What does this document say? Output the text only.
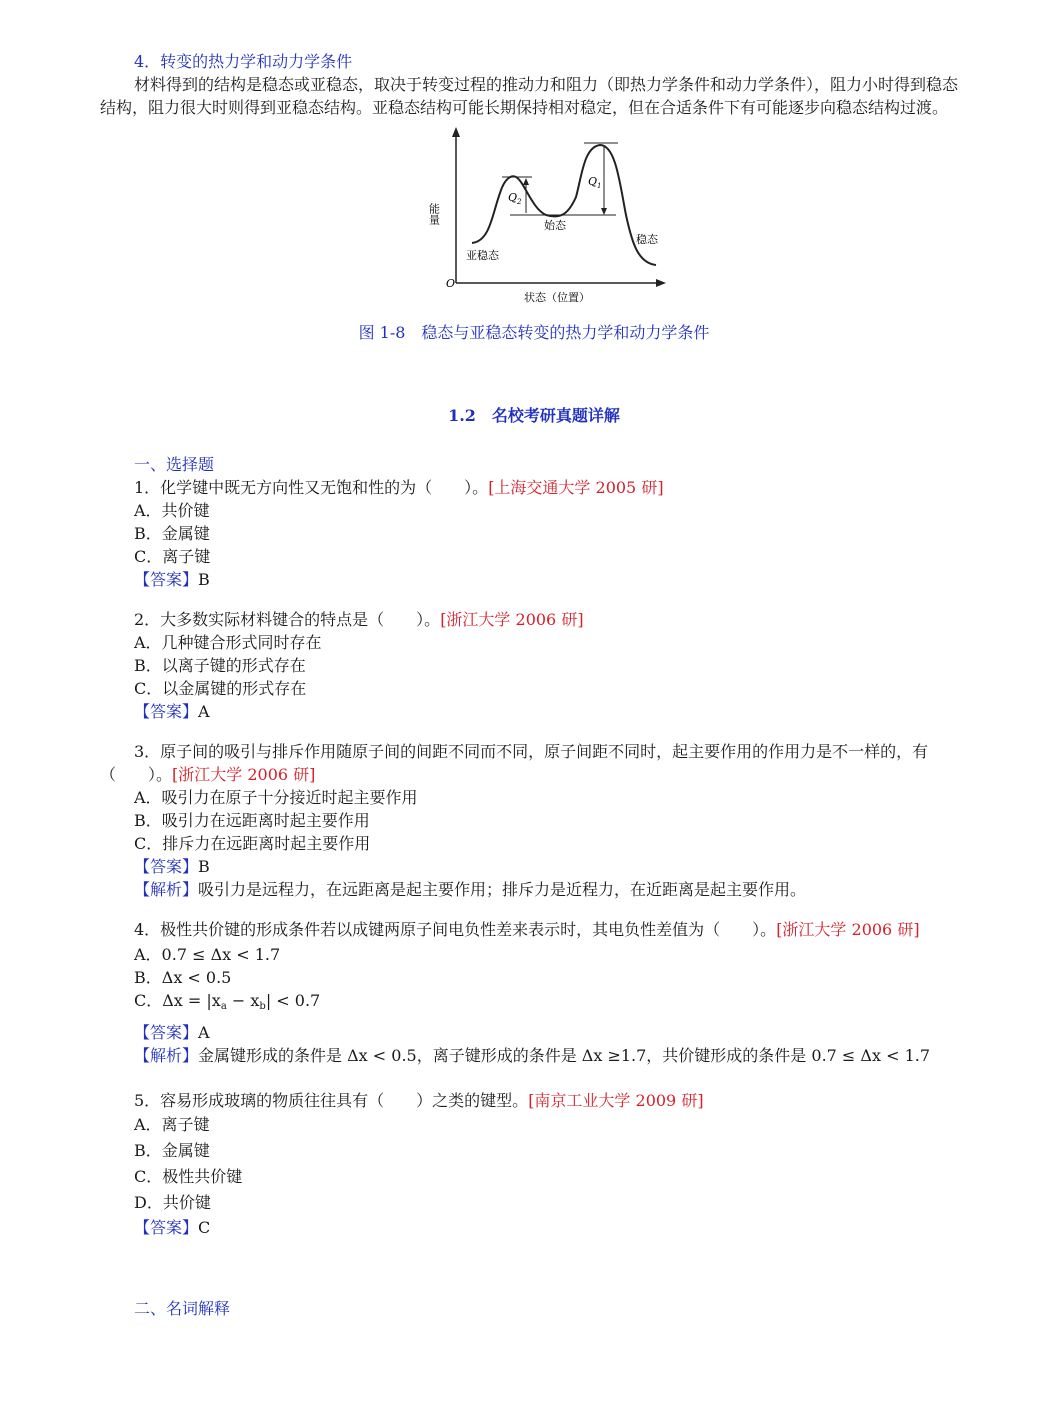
4．转变的热力学和动力学条件

材料得到的结构是稳态或亚稳态，取决于转变过程的推动力和阻力（即热力学条件和动力学条件），阻力小时得到稳态结构，阻力很大时则得到亚稳态结构。亚稳态结构可能长期保持相对稳定，但在合适条件下有可能逐步向稳态结构过渡。

$Q_2$
$Q_1$
始态
亚稳态
稳态
能量
O
状态（位置）

图 1-8　稳态与亚稳态转变的热力学和动力学条件

1.2　名校考研真题详解

一、选择题

1．化学键中既无方向性又无饱和性的为（　　）。[上海交通大学 2005 研]

A．共价键

B．金属键

C．离子键

【答案】B

2．大多数实际材料键合的特点是（　　）。[浙江大学 2006 研]

A．几种键合形式同时存在

B．以离子键的形式存在

C．以金属键的形式存在

【答案】A

3．原子间的吸引与排斥作用随原子间的间距不同而不同，原子间距不同时，起主要作用的作用力是不一样的，有（　　）。[浙江大学 2006 研]

A．吸引力在原子十分接近时起主要作用

B．吸引力在远距离时起主要作用

C．排斥力在远距离时起主要作用

【答案】B

【解析】吸引力是远程力，在远距离是起主要作用；排斥力是近程力，在近距离是起主要作用。

4．极性共价键的形成条件若以成键两原子间电负性差来表示时，其电负性差值为（　　）。[浙江大学 2006 研]

A．0.7 ≤ Δx < 1.7

B．Δx < 0.5

C．$\Delta x = |x_a - x_b| < 0.7$

【答案】A

【解析】金属键形成的条件是 Δx < 0.5，离子键形成的条件是 Δx ≥1.7，共价键形成的条件是 0.7 ≤ Δx < 1.7

5．容易形成玻璃的物质往往具有（　　）之类的键型。[南京工业大学 2009 研]

A．离子键

B．金属键

C．极性共价键

D．共价键

【答案】C

二、名词解释
